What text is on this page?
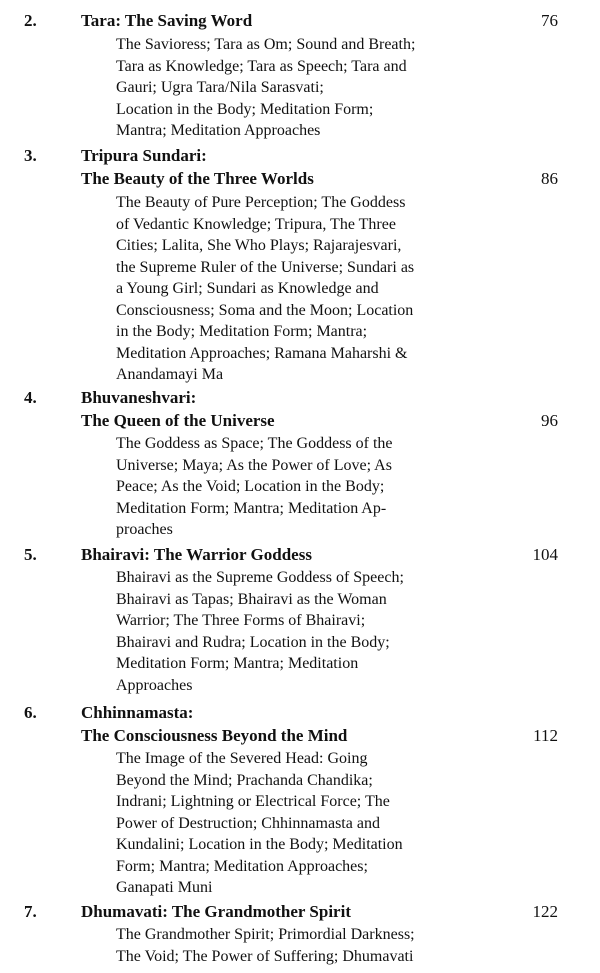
2.	Tara: The Saving Word	76
The Savioress; Tara as Om; Sound and Breath;
Tara as Knowledge; Tara as Speech; Tara and
Gauri; Ugra Tara/Nila Sarasvati;
Location in the Body; Meditation Form;
Mantra; Meditation Approaches
3.	Tripura Sundari:
The Beauty of the Three Worlds	86
The Beauty of Pure Perception; The Goddess
of Vedantic Knowledge; Tripura, The Three
Cities; Lalita, She Who Plays; Rajarajesvari,
the Supreme Ruler of the Universe; Sundari as
a Young Girl; Sundari as Knowledge and
Consciousness; Soma and the Moon; Location
in the Body; Meditation Form; Mantra;
Meditation Approaches; Ramana Maharshi &
Anandamayi Ma
4.	Bhuvaneshvari:
The Queen of the Universe	96
The Goddess as Space; The Goddess of the
Universe; Maya; As the Power of Love; As
Peace; As the Void; Location in the Body;
Meditation Form; Mantra; Meditation Ap-
proaches
5.	Bhairavi: The Warrior Goddess	104
Bhairavi as the Supreme Goddess of Speech;
Bhairavi as Tapas; Bhairavi as the Woman
Warrior; The Three Forms of Bhairavi;
Bhairavi and Rudra; Location in the Body;
Meditation Form; Mantra; Meditation
Approaches
6.	Chhinnamasta:
The Consciousness Beyond the Mind	112
The Image of the Severed Head: Going
Beyond the Mind; Prachanda Chandika;
Indrani; Lightning or Electrical Force; The
Power of Destruction; Chhinnamasta and
Kundalini; Location in the Body; Meditation
Form; Mantra; Meditation Approaches;
Ganapati Muni
7.	Dhumavati: The Grandmother Spirit	122
The Grandmother Spirit; Primordial Darkness;
The Void; The Power of Suffering; Dhumavati
